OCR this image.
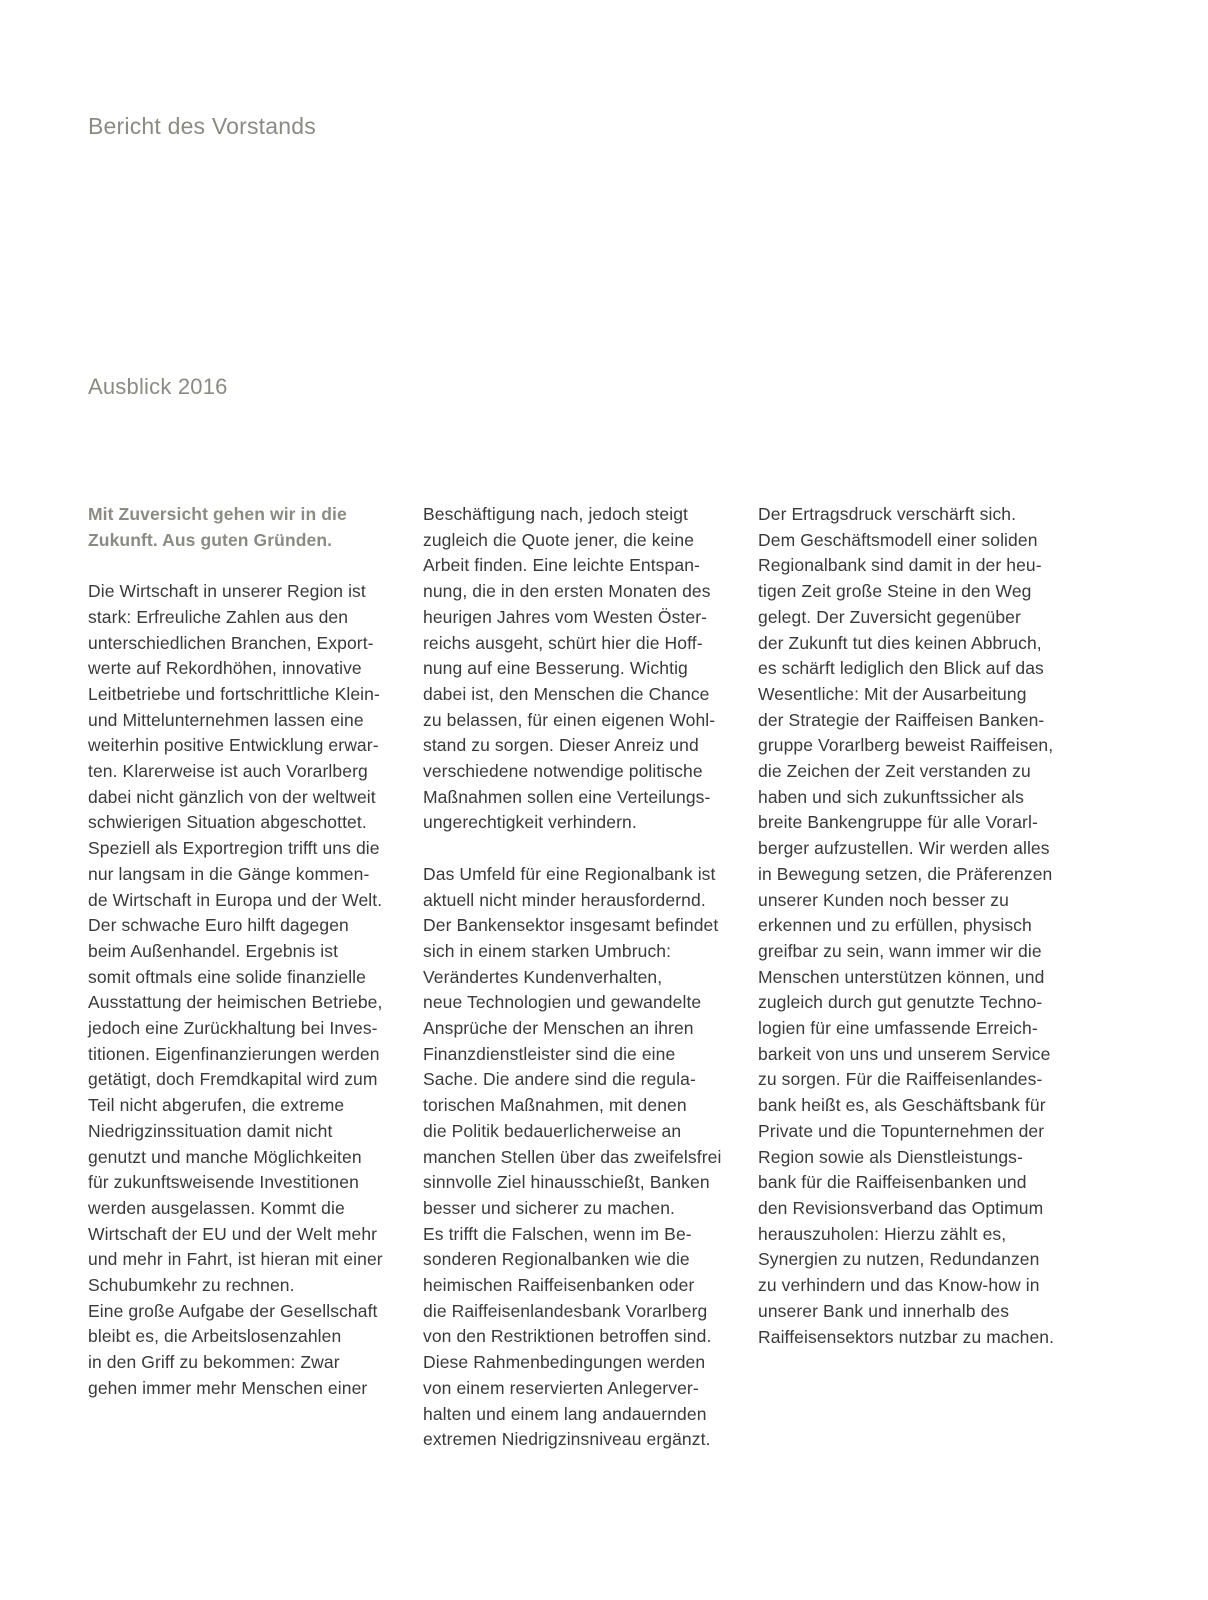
Bericht des Vorstands
Ausblick 2016
Mit Zuversicht gehen wir in die
Zukunft. Aus guten Gründen.
Die Wirtschaft in unserer Region ist
stark: Erfreuliche Zahlen aus den
unterschiedlichen Branchen, Export-
werte auf Rekordhöhen, innovative
Leitbetriebe und fortschrittliche Klein-
und Mittelunternehmen lassen eine
weiterhin positive Entwicklung erwar-
ten. Klarerweise ist auch Vorarlberg
dabei nicht gänzlich von der weltweit
schwierigen Situation abgeschottet.
Speziell als Exportregion trifft uns die
nur langsam in die Gänge kommen-
de Wirtschaft in Europa und der Welt.
Der schwache Euro hilft dagegen
beim Außenhandel. Ergebnis ist
somit oftmals eine solide finanzielle
Ausstattung der heimischen Betriebe,
jedoch eine Zurückhaltung bei Inves-
titionen. Eigenfinanzierungen werden
getätigt, doch Fremdkapital wird zum
Teil nicht abgerufen, die extreme
Niedrigzinssituation damit nicht
genutzt und manche Möglichkeiten
für zukunftsweisende Investitionen
werden ausgelassen. Kommt die
Wirtschaft der EU und der Welt mehr
und mehr in Fahrt, ist hieran mit einer
Schubumkehr zu rechnen.
Eine große Aufgabe der Gesellschaft
bleibt es, die Arbeitslosenzahlen
in den Griff zu bekommen: Zwar
gehen immer mehr Menschen einer
Beschäftigung nach, jedoch steigt
zugleich die Quote jener, die keine
Arbeit finden. Eine leichte Entspan-
nung, die in den ersten Monaten des
heurigen Jahres vom Westen Öster-
reichs ausgeht, schürt hier die Hoff-
nung auf eine Besserung. Wichtig
dabei ist, den Menschen die Chance
zu belassen, für einen eigenen Wohl-
stand zu sorgen. Dieser Anreiz und
verschiedene notwendige politische
Maßnahmen sollen eine Verteilungs-
ungerechtigkeit verhindern.
Das Umfeld für eine Regionalbank ist
aktuell nicht minder herausfordernd.
Der Bankensektor insgesamt befindet
sich in einem starken Umbruch:
Verändertes Kundenverhalten,
neue Technologien und gewandelte
Ansprüche der Menschen an ihren
Finanzdienstleister sind die eine
Sache. Die andere sind die regula-
torischen Maßnahmen, mit denen
die Politik bedauerlicherweise an
manchen Stellen über das zweifelsfrei
sinnvolle Ziel hinausschießt, Banken
besser und sicherer zu machen.
Es trifft die Falschen, wenn im Be-
sonderen Regionalbanken wie die
heimischen Raiffeisenbanken oder
die Raiffeisenlandesbank Vorarlberg
von den Restriktionen betroffen sind.
Diese Rahmenbedingungen werden
von einem reservierten Anlegerver-
halten und einem lang andauernden
extremen Niedrigzinsniveau ergänzt.
Der Ertragsdruck verschärft sich.
Dem Geschäftsmodell einer soliden
Regionalbank sind damit in der heu-
tigen Zeit große Steine in den Weg
gelegt. Der Zuversicht gegenüber
der Zukunft tut dies keinen Abbruch,
es schärft lediglich den Blick auf das
Wesentliche: Mit der Ausarbeitung
der Strategie der Raiffeisen Banken-
gruppe Vorarlberg beweist Raiffeisen,
die Zeichen der Zeit verstanden zu
haben und sich zukunftssicher als
breite Bankengruppe für alle Vorarl-
berger aufzustellen. Wir werden alles
in Bewegung setzen, die Präferenzen
unserer Kunden noch besser zu
erkennen und zu erfüllen, physisch
greifbar zu sein, wann immer wir die
Menschen unterstützen können, und
zugleich durch gut genutzte Techno-
logien für eine umfassende Erreich-
barkeit von uns und unserem Service
zu sorgen. Für die Raiffeisenlandes-
bank heißt es, als Geschäftsbank für
Private und die Topunternehmen der
Region sowie als Dienstleistungs-
bank für die Raiffeisenbanken und
den Revisionsverband das Optimum
herauszuholen: Hierzu zählt es,
Synergien zu nutzen, Redundanzen
zu verhindern und das Know-how in
unserer Bank und innerhalb des
Raiffeisensektors nutzbar zu machen.
